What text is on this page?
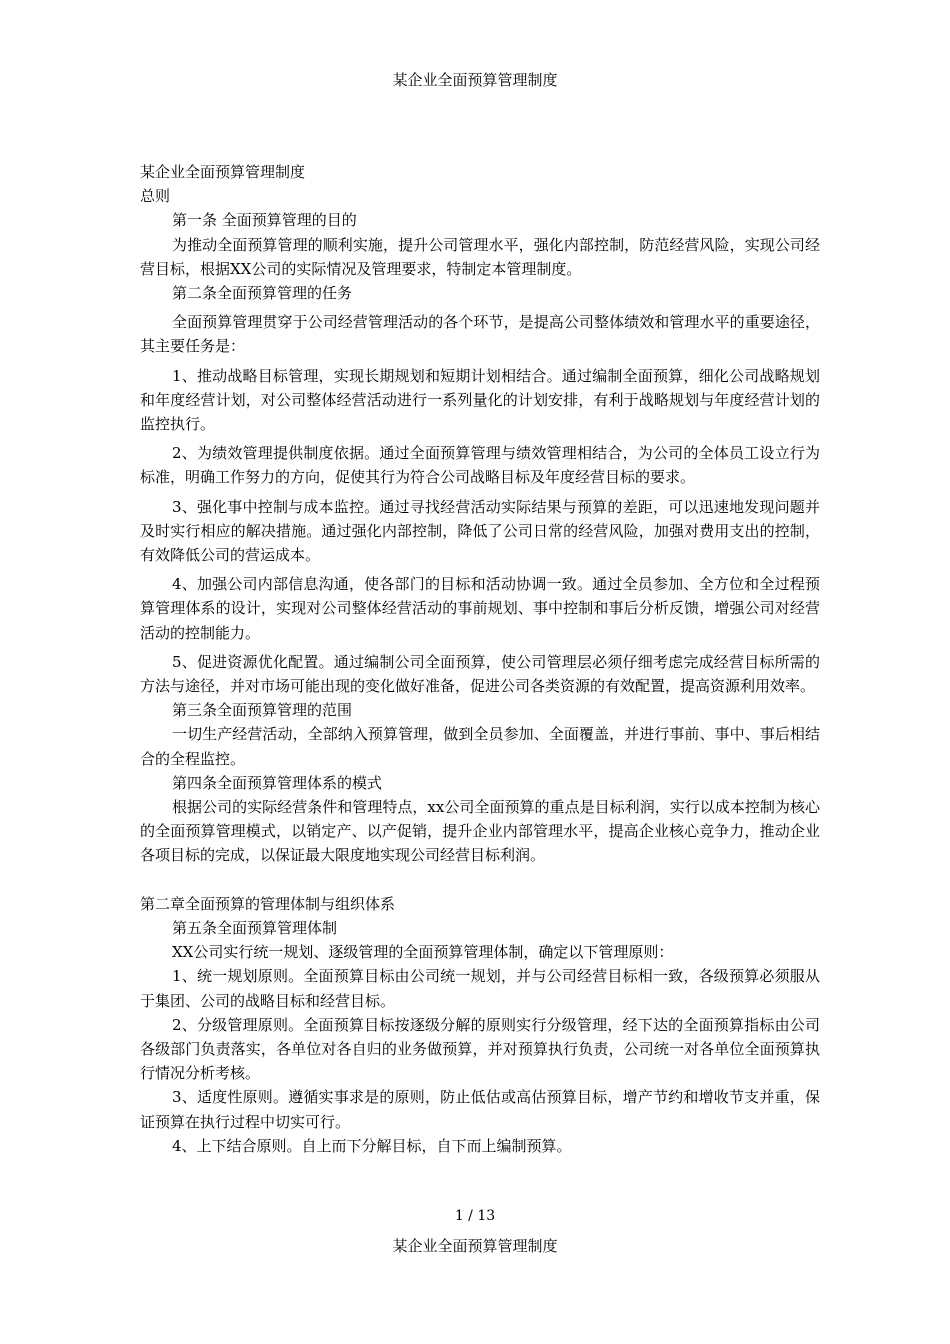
某企业全面预算管理制度

某企业全面预算管理制度

总则

第一条 全面预算管理的目的

为推动全面预算管理的顺利实施，提升公司管理水平，强化内部控制，防范经营风险，实现公司经营目标，根据XX公司的实际情况及管理要求，特制定本管理制度。

第二条全面预算管理的任务

全面预算管理贯穿于公司经营管理活动的各个环节，是提高公司整体绩效和管理水平的重要途径，其主要任务是：

1、推动战略目标管理，实现长期规划和短期计划相结合。通过编制全面预算，细化公司战略规划和年度经营计划，对公司整体经营活动进行一系列量化的计划安排，有利于战略规划与年度经营计划的监控执行。

2、为绩效管理提供制度依据。通过全面预算管理与绩效管理相结合，为公司的全体员工设立行为标准，明确工作努力的方向，促使其行为符合公司战略目标及年度经营目标的要求。

3、强化事中控制与成本监控。通过寻找经营活动实际结果与预算的差距，可以迅速地发现问题并及时实行相应的解决措施。通过强化内部控制，降低了公司日常的经营风险，加强对费用支出的控制，有效降低公司的营运成本。

4、加强公司内部信息沟通，使各部门的目标和活动协调一致。通过全员参加、全方位和全过程预算管理体系的设计，实现对公司整体经营活动的事前规划、事中控制和事后分析反馈，增强公司对经营活动的控制能力。

5、促进资源优化配置。通过编制公司全面预算，使公司管理层必须仔细考虑完成经营目标所需的方法与途径，并对市场可能出现的变化做好准备，促进公司各类资源的有效配置，提高资源利用效率。

第三条全面预算管理的范围

一切生产经营活动，全部纳入预算管理，做到全员参加、全面覆盖，并进行事前、事中、事后相结合的全程监控。

第四条全面预算管理体系的模式

根据公司的实际经营条件和管理特点，xx公司全面预算的重点是目标利润，实行以成本控制为核心的全面预算管理模式，以销定产、以产促销，提升企业内部管理水平，提高企业核心竞争力，推动企业各项目标的完成，以保证最大限度地实现公司经营目标利润。

第二章全面预算的管理体制与组织体系

第五条全面预算管理体制

XX公司实行统一规划、逐级管理的全面预算管理体制，确定以下管理原则：

1、统一规划原则。全面预算目标由公司统一规划，并与公司经营目标相一致，各级预算必须服从于集团、公司的战略目标和经营目标。

2、分级管理原则。全面预算目标按逐级分解的原则实行分级管理，经下达的全面预算指标由公司各级部门负责落实，各单位对各自归的业务做预算，并对预算执行负责，公司统一对各单位全面预算执行情况分析考核。

3、适度性原则。遵循实事求是的原则，防止低估或高估预算目标，增产节约和增收节支并重，保证预算在执行过程中切实可行。

4、上下结合原则。自上而下分解目标，自下而上编制预算。

1 / 13
某企业全面预算管理制度
